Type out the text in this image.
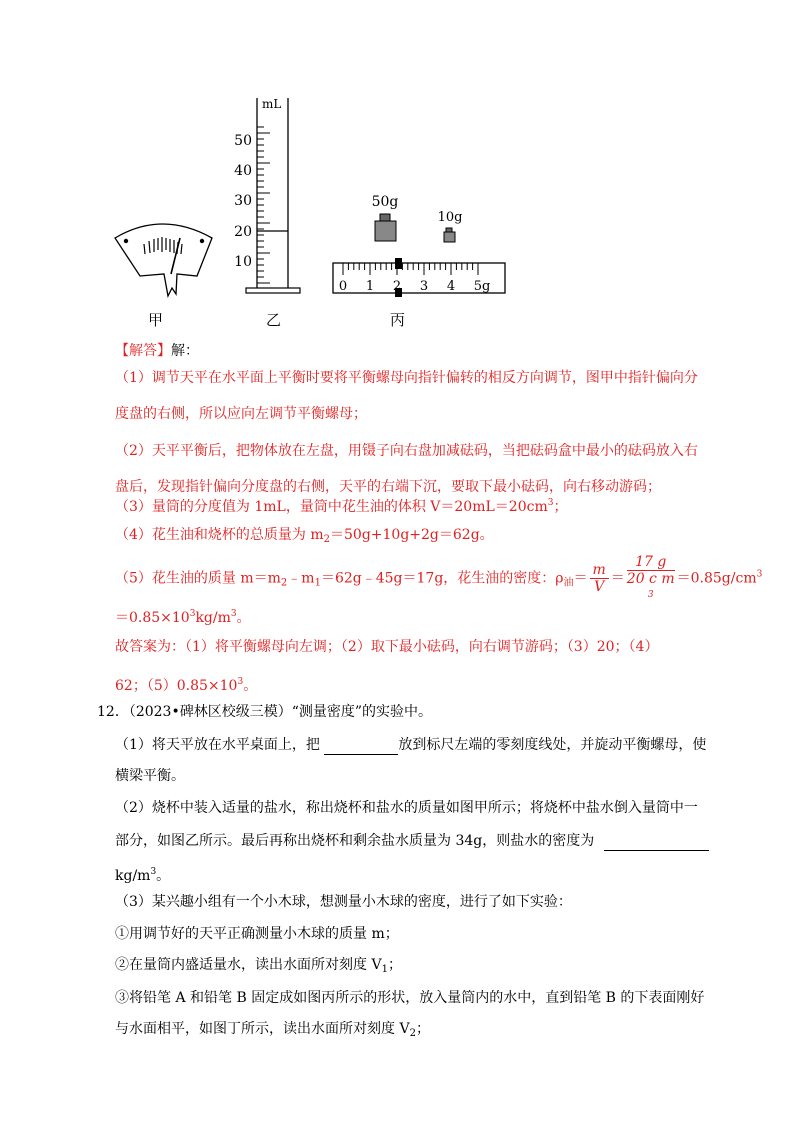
mL
50
40
30
20
10
50g
10g
0 1 2 3 4 5g
甲	乙	丙
【解答】解：
（1）调节天平在水平面上平衡时要将平衡螺母向指针偏转的相反方向调节，图甲中指针偏向分
度盘的右侧，所以应向左调节平衡螺母；
（2）天平平衡后，把物体放在左盘，用镊子向右盘加减砝码，当把砝码盒中最小的砝码放入右
盘后，发现指针偏向分度盘的右侧，天平的右端下沉，要取下最小砝码，向右移动游码；
（3）量筒的分度值为 1mL，量筒中花生油的体积 $V=20mL=20cm^3$；
（4）花生油和烧杯的总质量为 $m_2=50g+10g+2g=62g$。
（5）花生油的质量 $m=m_2﹣m_1=62g﹣45g=17g$，花生油的密度：$\rho_油= \frac{m}{V} = 17$ g
20 c m
$3 =0.85g/cm^3$
$=0.85\times 10^3kg/m^3$。
故答案为：（1）将平衡螺母向左调；（2）取下最小砝码，向右调节游码；（3）20；（4）
62；$(5)0.85\times 10^3$。
12．（2023•碑林区校级三模）“测量密度”的实验中。
（1）将天平放在水平桌面上，把	放到标尺左端的零刻度线处，并旋动平衡螺母，使
横梁平衡。
（2）烧杯中装入适量的盐水，称出烧杯和盐水的质量如图甲所示；将烧杯中盐水倒入量筒中一
部分，如图乙所示。最后再称出烧杯和剩余盐水质量为 34g，则盐水的密度为
$kg/m^3$。
（3）某兴趣小组有一个小木球，想测量小木球的密度，进行了如下实验：
①用调节好的天平正确测量小木球的质量 m；
②在量筒内盛适量水，读出水面所对刻度 $V_1$；
③将铅笔 A 和铅笔 B 固定成如图丙所示的形状，放入量筒内的水中，直到铅笔 B 的下表面刚好
与水面相平，如图丁所示，读出水面所对刻度 $V_2$；
